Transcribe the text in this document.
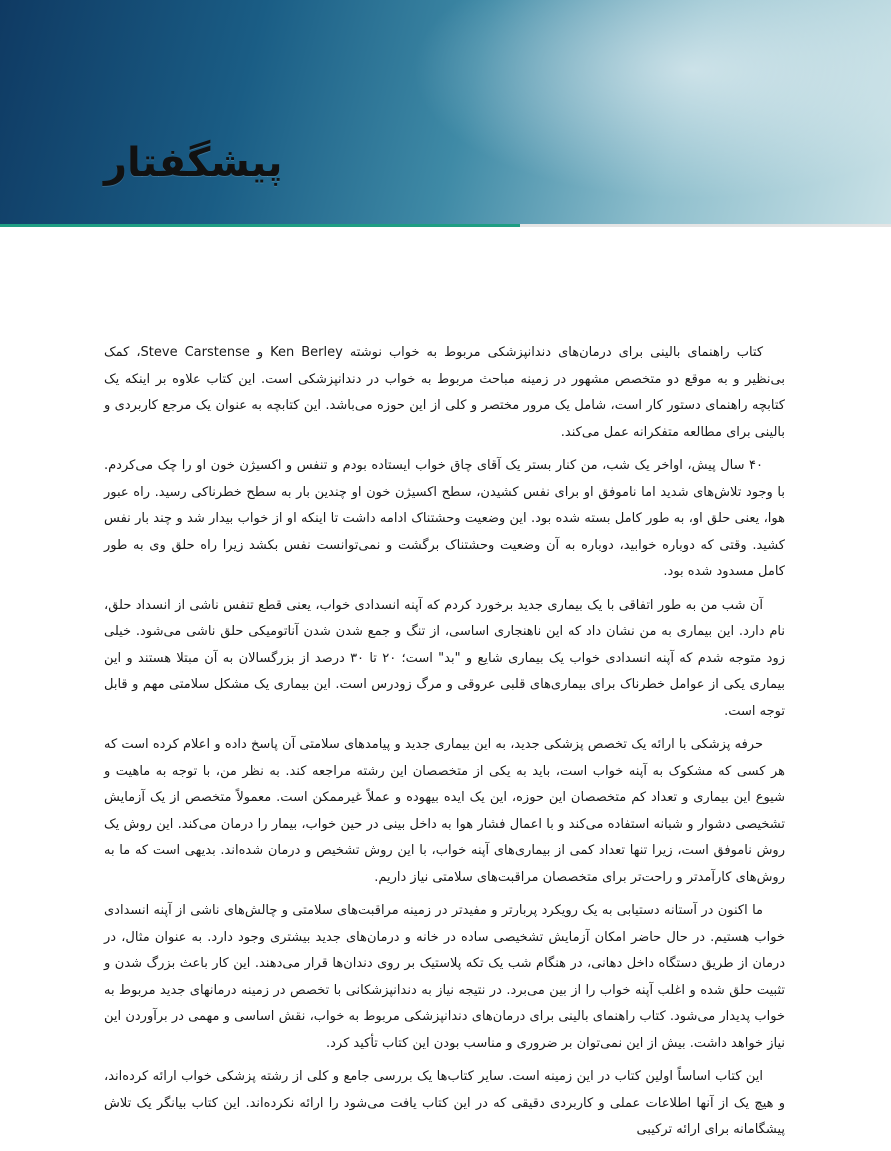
پیشگفتار

کتاب راهنمای بالینی برای درمان‌های دندانپزشکی مربوط به خواب نوشته Ken Berley و Steve Carstense، کمک بی‌نظیر و به موقع دو متخصص مشهور در زمینه مباحث مربوط به خواب در دندانپزشکی است. این کتاب علاوه بر اینکه یک کتابچه راهنمای دستور کار است، شامل یک مرور مختصر و کلی از این حوزه می‌باشد. این کتابچه به عنوان یک مرجع کاربردی و بالینی برای مطالعه متفکرانه عمل می‌کند.

۴۰ سال پیش، اواخر یک شب، من کنار بستر یک آقای چاق خواب ایستاده بودم و تنفس و اکسیژن خون او را چک می‌کردم. با وجود تلاش‌های شدید اما ناموفق او برای نفس کشیدن، سطح اکسیژن خون او چندین بار به سطح خطرناکی رسید. راه عبور هوا، یعنی حلق او، به طور کامل بسته شده بود. این وضعیت وحشتناک ادامه داشت تا اینکه او از خواب بیدار شد و چند بار نفس کشید. وقتی که دوباره خوابید، دوباره به آن وضعیت وحشتناک برگشت و نمی‌توانست نفس بکشد زیرا راه حلق وی به طور کامل مسدود شده بود.

آن شب من به طور اتفاقی با یک بیماری جدید برخورد کردم که آپنه انسدادی خواب، یعنی قطع تنفس ناشی از انسداد حلق، نام دارد. این بیماری به من نشان داد که این ناهنجاری اساسی، از تنگ و جمع شدن شدن آناتومیکی حلق ناشی می‌شود. خیلی زود متوجه شدم که آپنه انسدادی خواب یک بیماری شایع و "بد" است؛ ۲۰ تا ۳۰ درصد از بزرگسالان به آن مبتلا هستند و این بیماری یکی از عوامل خطرناک برای بیماری‌های قلبی عروقی و مرگ زودرس است. این بیماری یک مشکل سلامتی مهم و قابل توجه است.

حرفه پزشکی با ارائه یک تخصص پزشکی جدید، به این بیماری جدید و پیامدهای سلامتی آن پاسخ داده و اعلام کرده است که هر کسی که مشکوک به آپنه خواب است، باید به یکی از متخصصان این رشته مراجعه کند. به نظر من، با توجه به ماهیت و شیوع این بیماری و تعداد کم متخصصان این حوزه، این یک ایده بیهوده و عملاً غیرممکن است. معمولاً متخصص از یک آزمایش تشخیصی دشوار و شبانه استفاده می‌کند و با اعمال فشار هوا به داخل بینی در حین خواب، بیمار را درمان می‌کند. این روش یک روش ناموفق است، زیرا تنها تعداد کمی از بیماری‌های آپنه خواب، با این روش تشخیص و درمان شده‌اند. بدیهی است که ما به روش‌های کارآمدتر و راحت‌تر برای متخصصان مراقبت‌های سلامتی نیاز داریم.

ما اکنون در آستانه دستیابی به یک رویکرد پربارتر و مفیدتر در زمینه مراقبت‌های سلامتی و چالش‌های ناشی از آپنه انسدادی خواب هستیم. در حال حاضر امکان آزمایش تشخیصی ساده در خانه و درمان‌های جدید بیشتری وجود دارد. به عنوان مثال، در درمان از طریق دستگاه داخل دهانی، در هنگام شب یک تکه پلاستیک بر روی دندان‌ها قرار می‌دهند. این کار باعث بزرگ شدن و تثبیت حلق شده و اغلب آپنه خواب را از بین می‌برد. در نتیجه نیاز به دندانپزشکانی با تخصص در زمینه درمانهای جدید مربوط به خواب پدیدار می‌شود. کتاب راهنمای بالینی برای درمان‌های دندانپزشکی مربوط به خواب، نقش اساسی و مهمی در برآوردن این نیاز خواهد داشت. بیش از این نمی‌توان بر ضروری و مناسب بودن این کتاب تأکید کرد.

این کتاب اساساً اولین کتاب در این زمینه است. سایر کتاب‌ها یک بررسی جامع و کلی از رشته پزشکی خواب ارائه کرده‌اند، و هیچ یک از آنها اطلاعات عملی و کاربردی دقیقی که در این کتاب یافت می‌شود را ارائه نکرده‌اند. این کتاب بیانگر یک تلاش پیشگامانه برای ارائه ترکیبی
